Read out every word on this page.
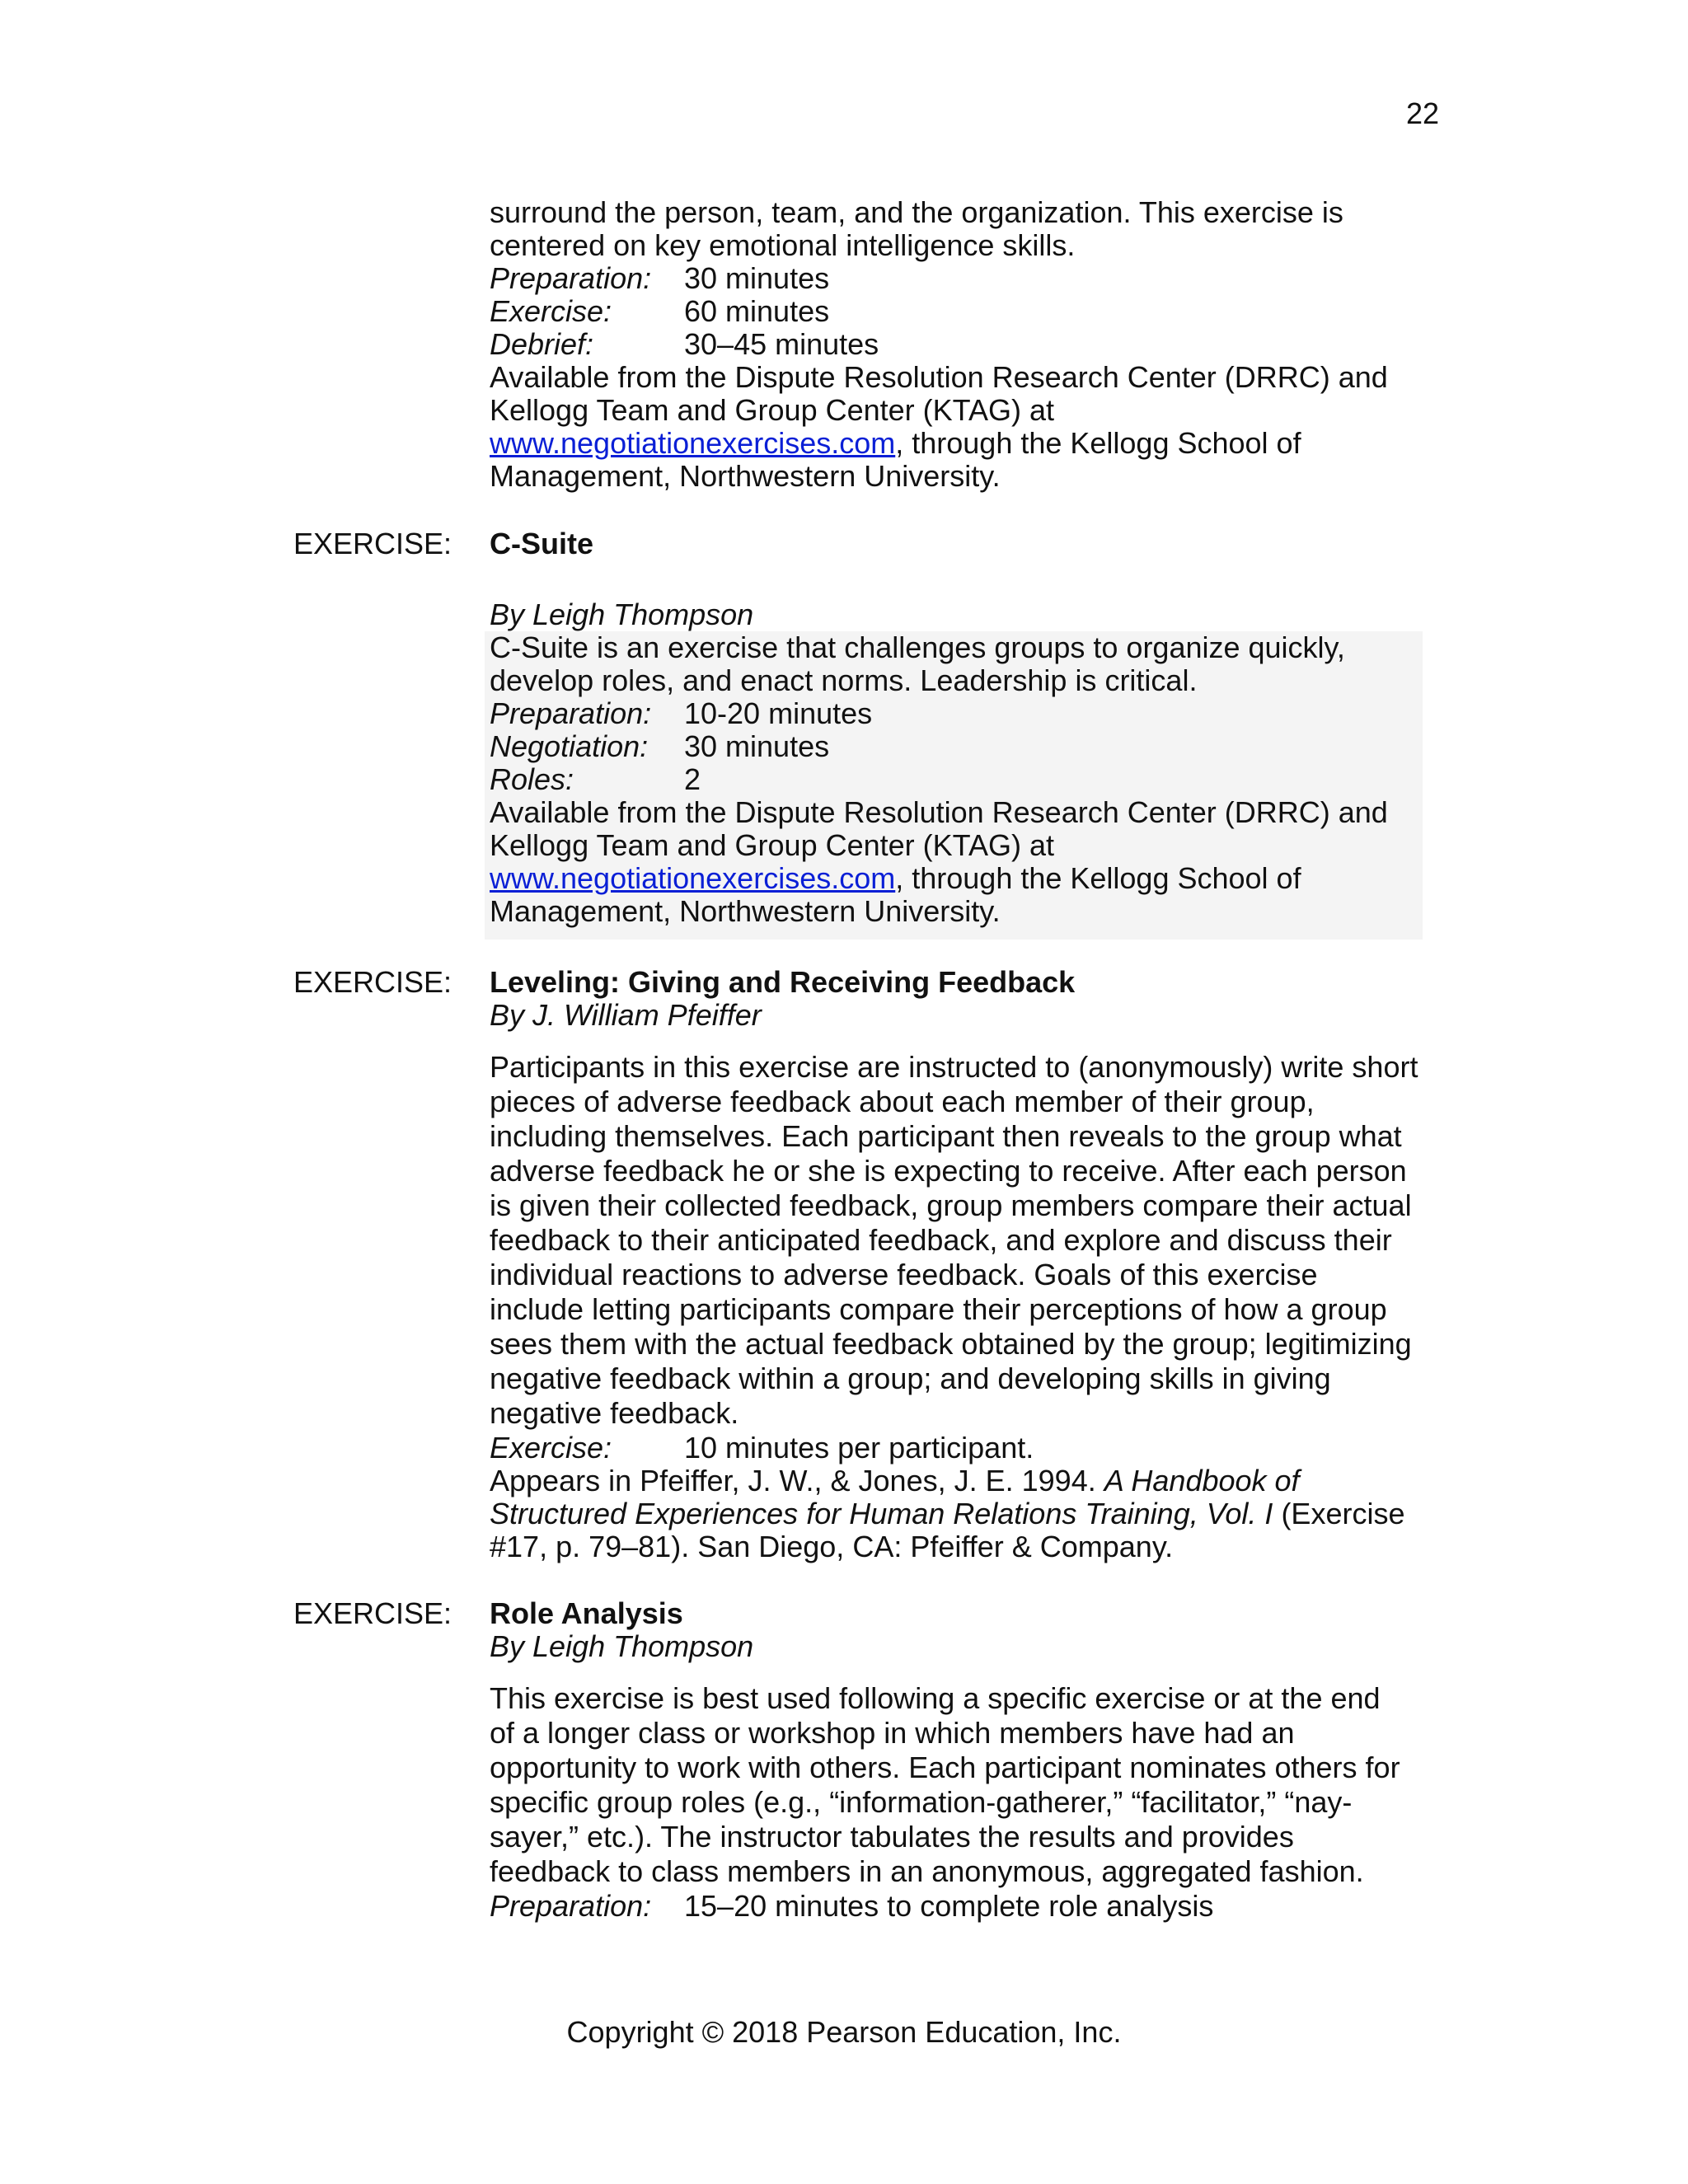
22
surround the person, team, and the organization. This exercise is
centered on key emotional intelligence skills.
Preparation:	30 minutes
Exercise:	60 minutes
Debrief:	30–45 minutes
Available from the Dispute Resolution Research Center (DRRC) and
Kellogg Team and Group Center (KTAG) at
www.negotiationexercises.com, through the Kellogg School of
Management, Northwestern University.
EXERCISE: C-Suite
By Leigh Thompson
C-Suite is an exercise that challenges groups to organize quickly,
develop roles, and enact norms. Leadership is critical.
Preparation:	10-20 minutes
Negotiation:	30 minutes
Roles:	2
Available from the Dispute Resolution Research Center (DRRC) and
Kellogg Team and Group Center (KTAG) at
www.negotiationexercises.com, through the Kellogg School of
Management, Northwestern University.
EXERCISE: Leveling: Giving and Receiving Feedback
By J. William Pfeiffer
Participants in this exercise are instructed to (anonymously) write short
pieces of adverse feedback about each member of their group,
including themselves. Each participant then reveals to the group what
adverse feedback he or she is expecting to receive. After each person
is given their collected feedback, group members compare their actual
feedback to their anticipated feedback, and explore and discuss their
individual reactions to adverse feedback. Goals of this exercise
include letting participants compare their perceptions of how a group
sees them with the actual feedback obtained by the group; legitimizing
negative feedback within a group; and developing skills in giving
negative feedback.
Exercise:	10 minutes per participant.
Appears in Pfeiffer, J. W., & Jones, J. E. 1994. A Handbook of
Structured Experiences for Human Relations Training, Vol. I (Exercise
#17, p. 79–81). San Diego, CA: Pfeiffer & Company.
EXERCISE: Role Analysis
By Leigh Thompson
This exercise is best used following a specific exercise or at the end
of a longer class or workshop in which members have had an
opportunity to work with others. Each participant nominates others for
specific group roles (e.g., “information-gatherer,” “facilitator,” “nay-
sayer,” etc.). The instructor tabulates the results and provides
feedback to class members in an anonymous, aggregated fashion.
Preparation:	15–20 minutes to complete role analysis
Copyright © 2018 Pearson Education, Inc.
